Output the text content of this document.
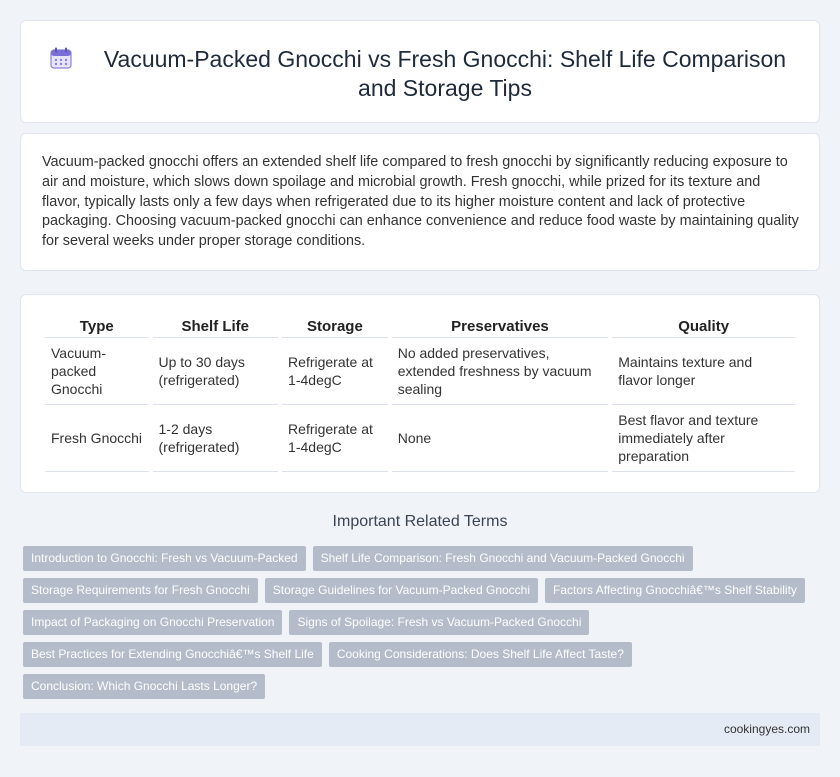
Vacuum-Packed Gnocchi vs Fresh Gnocchi: Shelf Life Comparison and Storage Tips

Vacuum-packed gnocchi offers an extended shelf life compared to fresh gnocchi by significantly reducing exposure to air and moisture, which slows down spoilage and microbial growth. Fresh gnocchi, while prized for its texture and flavor, typically lasts only a few days when refrigerated due to its higher moisture content and lack of protective packaging. Choosing vacuum-packed gnocchi can enhance convenience and reduce food waste by maintaining quality for several weeks under proper storage conditions.

Type	Shelf Life	Storage	Preservatives	Quality
Vacuum-packed Gnocchi	Up to 30 days (refrigerated)	Refrigerate at 1-4degC	No added preservatives, extended freshness by vacuum sealing	Maintains texture and flavor longer
Fresh Gnocchi	1-2 days (refrigerated)	Refrigerate at 1-4degC	None	Best flavor and texture immediately after preparation
Important Related Terms
Introduction to Gnocchi: Fresh vs Vacuum-Packed	Shelf Life Comparison: Fresh Gnocchi and Vacuum-Packed Gnocchi
Storage Requirements for Fresh Gnocchi	Storage Guidelines for Vacuum-Packed Gnocchi	Factors Affecting Gnocchiâ€™s Shelf Stability
Impact of Packaging on Gnocchi Preservation	Signs of Spoilage: Fresh vs Vacuum-Packed Gnocchi
Best Practices for Extending Gnocchiâ€™s Shelf Life	Cooking Considerations: Does Shelf Life Affect Taste?
Conclusion: Which Gnocchi Lasts Longer?
cookingyes.com
